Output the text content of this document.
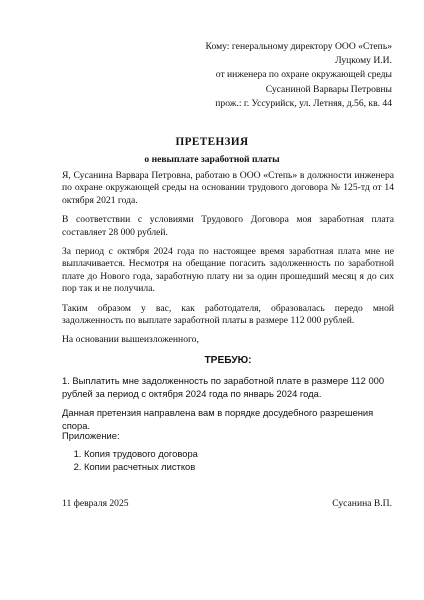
Кому: генеральному директору ООО «Степь»
Луцкому И.И.
от инженера по охране окружающей среды
Сусаниной Варвары Петровны
прож.: г. Уссурийск, ул. Летняя, д.56, кв. 44
ПРЕТЕНЗИЯ
о невыплате заработной платы

Я, Сусанина Варвара Петровна, работаю в ООО «Степь» в должности инженера по охране окружающей среды на основании трудового договора № 125-тд от 14 октября 2021 года.

В соответствии с условиями Трудового Договора моя заработная плата составляет 28 000 рублей.

За период с октября 2024 года по настоящее время заработная плата мне не выплачивается. Несмотря на обещание погасить задолженность по заработной плате до Нового года, заработную плату ни за один прошедший месяц я до сих пор так и не получила.

Таким образом у вас, как работодателя, образовалась передо мной задолженность по выплате заработной платы в размере 112 000 рублей.

На основании вышеизложенного,

ТРЕБУЮ:

1. Выплатить мне задолженность по заработной плате в размере 112 000 рублей за период с октября 2024 года по январь 2024 года.

Данная претензия направлена вам в порядке досудебного разрешения спора.

Приложение:
1. Копия трудового договора
2. Копии расчетных листков
11 февраля 2025	Сусанина В.П.
